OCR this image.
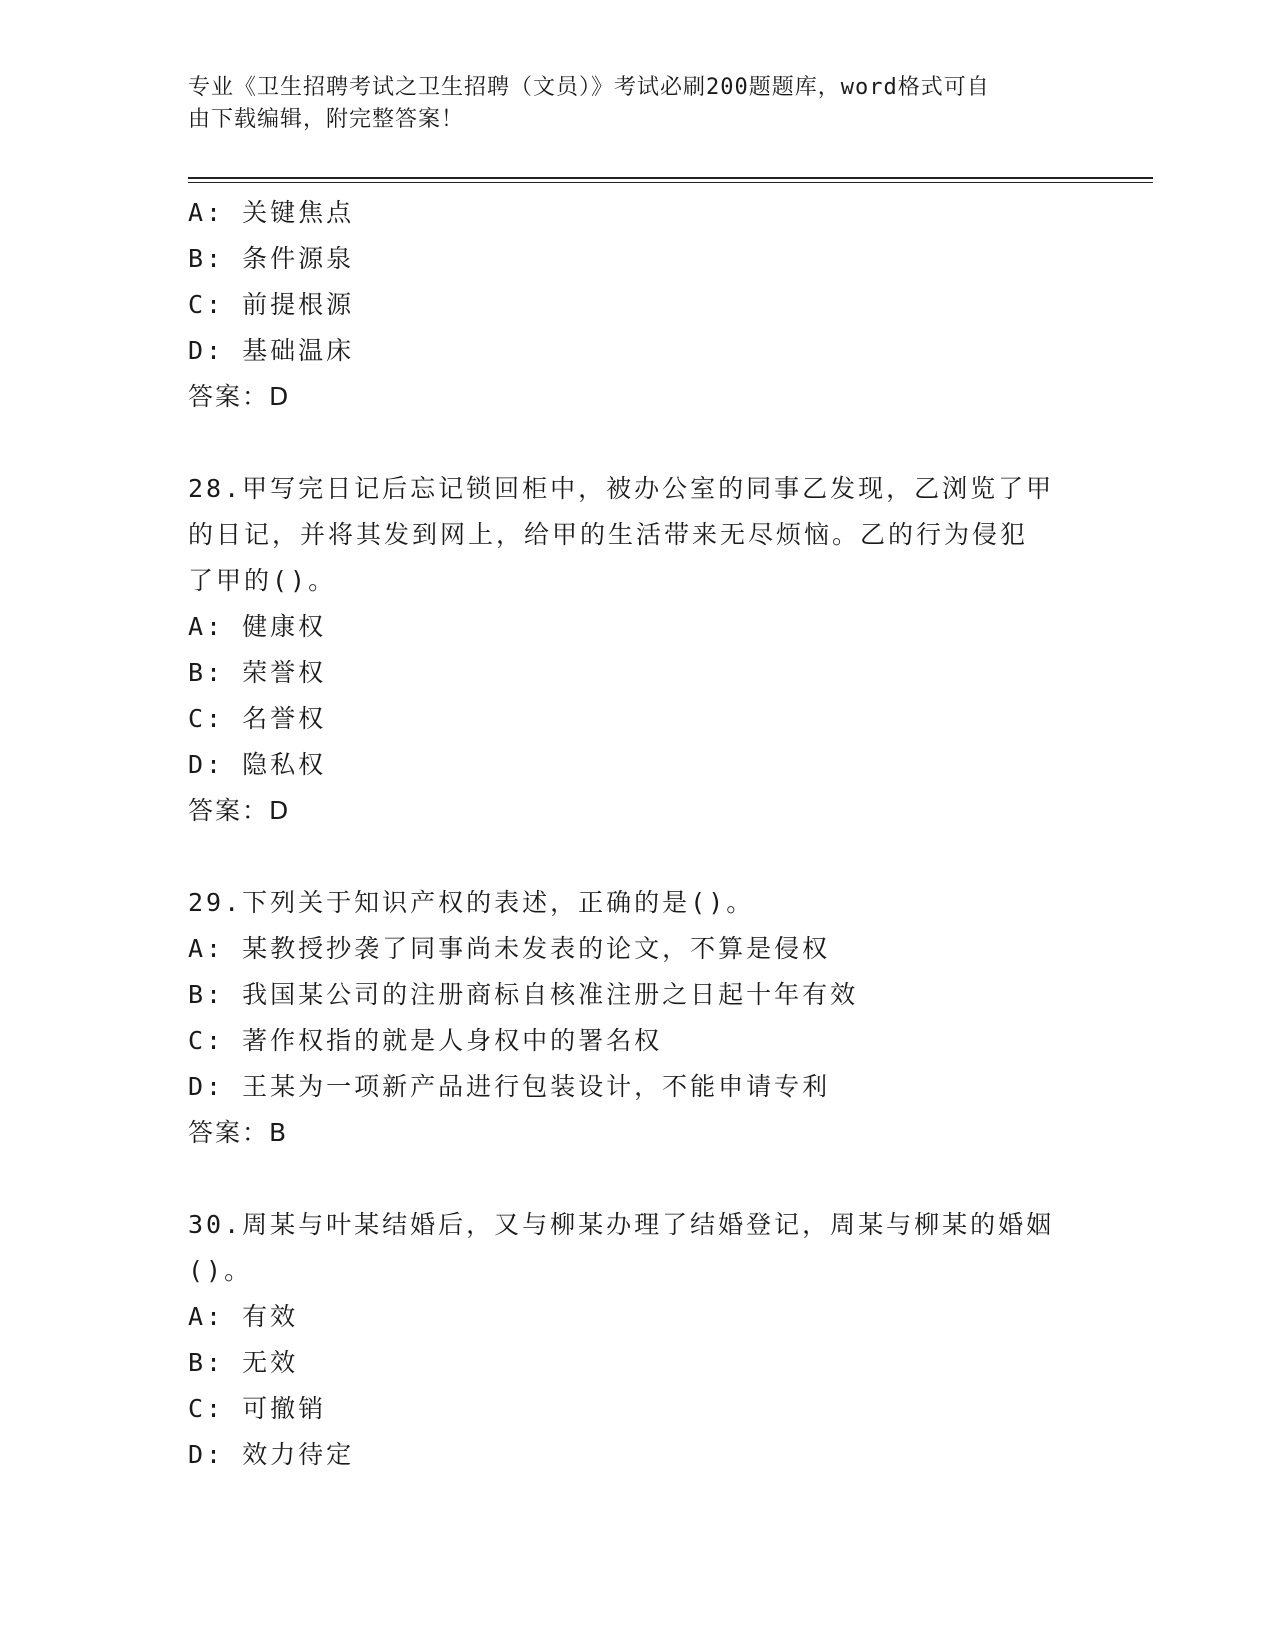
专业《卫生招聘考试之卫生招聘（文员）》考试必刷200题题库，word格式可自
由下载编辑，附完整答案！
A: 关键焦点
B: 条件源泉
C: 前提根源
D: 基础温床
答案：D
28.甲写完日记后忘记锁回柜中，被办公室的同事乙发现，乙浏览了甲
的日记，并将其发到网上，给甲的生活带来无尽烦恼。乙的行为侵犯
了甲的()。
A: 健康权
B: 荣誉权
C: 名誉权
D: 隐私权
答案：D
29.下列关于知识产权的表述，正确的是()。
A: 某教授抄袭了同事尚未发表的论文，不算是侵权
B: 我国某公司的注册商标自核准注册之日起十年有效
C: 著作权指的就是人身权中的署名权
D: 王某为一项新产品进行包装设计，不能申请专利
答案：B
30.周某与叶某结婚后，又与柳某办理了结婚登记，周某与柳某的婚姻
()。
A: 有效
B: 无效
C: 可撤销
D: 效力待定
